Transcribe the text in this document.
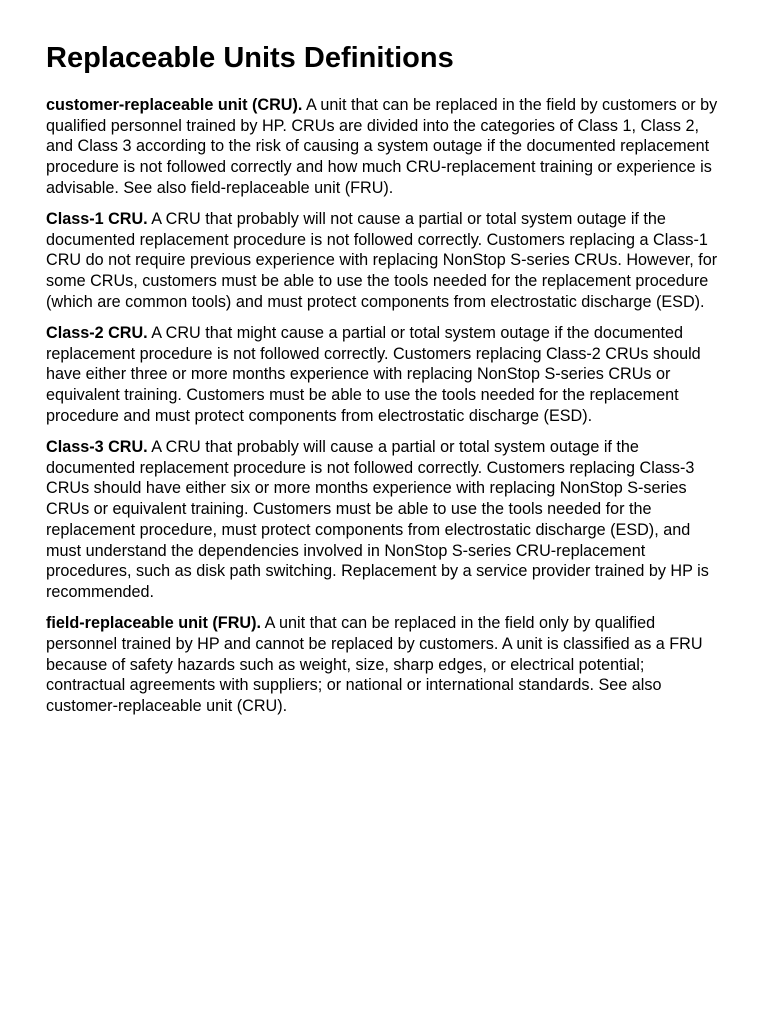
Replaceable Units Definitions

customer-replaceable unit (CRU). A unit that can be replaced in the field by customers or by qualified personnel trained by HP. CRUs are divided into the categories of Class 1, Class 2, and Class 3 according to the risk of causing a system outage if the documented replacement procedure is not followed correctly and how much CRU-replacement training or experience is advisable. See also field-replaceable unit (FRU).

Class-1 CRU. A CRU that probably will not cause a partial or total system outage if the documented replacement procedure is not followed correctly. Customers replacing a Class-1 CRU do not require previous experience with replacing NonStop S-series CRUs. However, for some CRUs, customers must be able to use the tools needed for the replacement procedure (which are common tools) and must protect components from electrostatic discharge (ESD).

Class-2 CRU. A CRU that might cause a partial or total system outage if the documented replacement procedure is not followed correctly. Customers replacing Class-2 CRUs should have either three or more months experience with replacing NonStop S-series CRUs or equivalent training. Customers must be able to use the tools needed for the replacement procedure and must protect components from electrostatic discharge (ESD).

Class-3 CRU. A CRU that probably will cause a partial or total system outage if the documented replacement procedure is not followed correctly. Customers replacing Class-3 CRUs should have either six or more months experience with replacing NonStop S-series CRUs or equivalent training. Customers must be able to use the tools needed for the replacement procedure, must protect components from electrostatic discharge (ESD), and must understand the dependencies involved in NonStop S-series CRU-replacement procedures, such as disk path switching. Replacement by a service provider trained by HP is recommended.

field-replaceable unit (FRU). A unit that can be replaced in the field only by qualified personnel trained by HP and cannot be replaced by customers. A unit is classified as a FRU because of safety hazards such as weight, size, sharp edges, or electrical potential; contractual agreements with suppliers; or national or international standards. See also customer-replaceable unit (CRU).
